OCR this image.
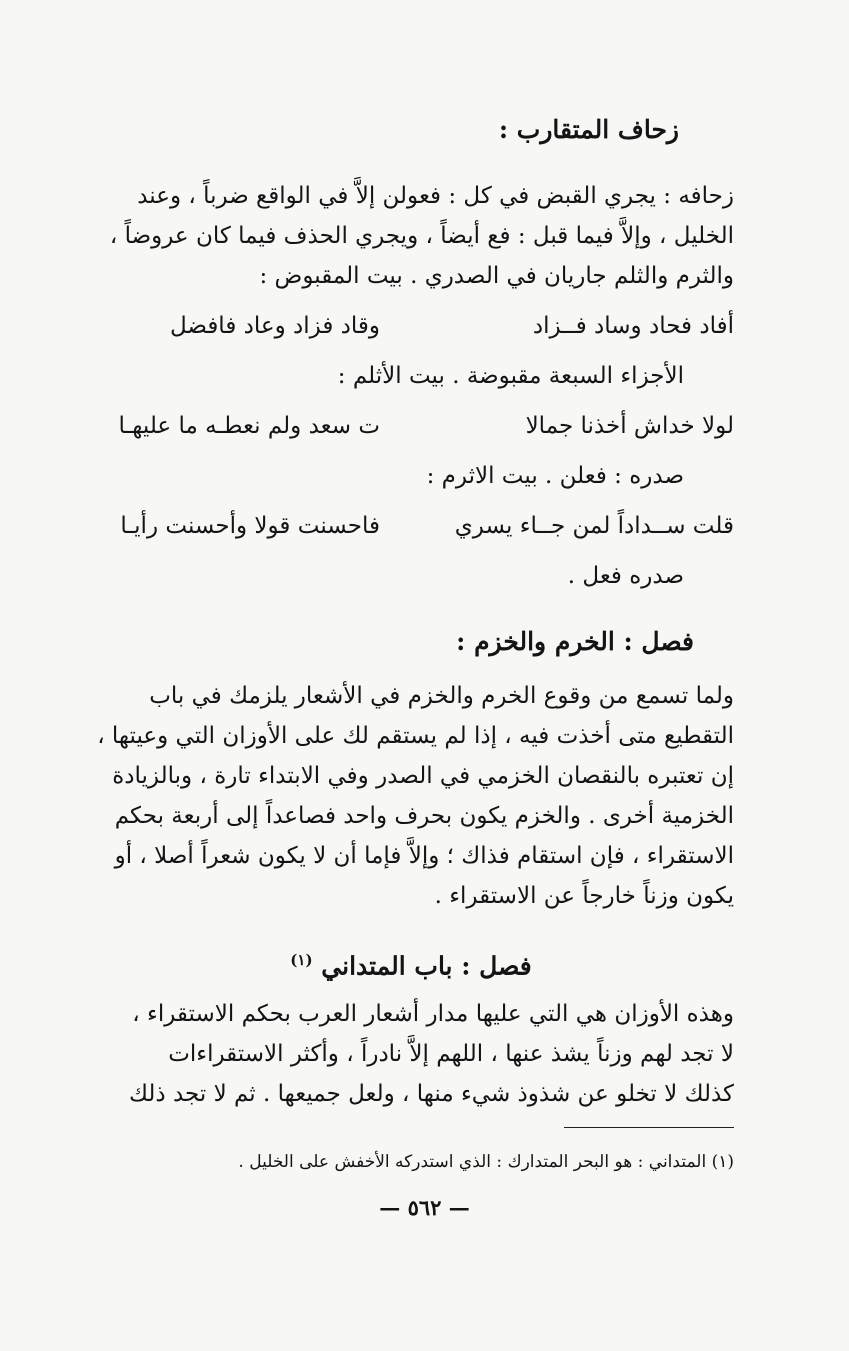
زحاف المتقارب :
زحافه : يجري القبض في كل : فعولن إلاَّ في الواقع ضرباً ، وعند
الخليل ، وإلاَّ فيما قبل : فع أيضاً ، ويجري الحذف فيما كان عروضاً ،
والثرم والثلم جاريان في الصدري . بيت المقبوض :
أفاد فحاد وساد فــزاد
وقاد فزاد وعاد فافضل
الأجزاء السبعة مقبوضة . بيت الأثلم :
لولا خداش أخذنا جمالا
ت سعد ولم نعطـه ما عليهـا
صدره : فعلن . بيت الاثرم :
قلت ســداداً لمن جــاء يسري
فاحسنت قولا وأحسنت رأيـا
صدره فعل .
فصل : الخرم والخزم :
ولما تسمع من وقوع الخرم والخزم في الأشعار يلزمك في باب
التقطيع متى أخذت فيه ، إذا لم يستقم لك على الأوزان التي وعيتها ،
إن تعتبره بالنقصان الخزمي في الصدر وفي الابتداء تارة ، وبالزيادة
الخزمية أخرى . والخزم يكون بحرف واحد فصاعداً إلى أربعة بحكم
الاستقراء ، فإن استقام فذاك ؛ وإلاَّ فإما أن لا يكون شعراً أصلا ، أو
يكون وزناً خارجاً عن الاستقراء .
فصل : باب المتداني $^{(١)}$
وهذه الأوزان هي التي عليها مدار أشعار العرب بحكم الاستقراء ،
لا تجد لهم وزناً يشذ عنها ، اللهم إلاَّ نادراً ، وأكثر الاستقراءات
كذلك لا تخلو عن شذوذ شيء منها ، ولعل جميعها . ثم لا تجد ذلك
(١) المتداني : هو البحر المتدارك : الذي استدركه الأخفش على الخليل .
— ٥٦٢ —
